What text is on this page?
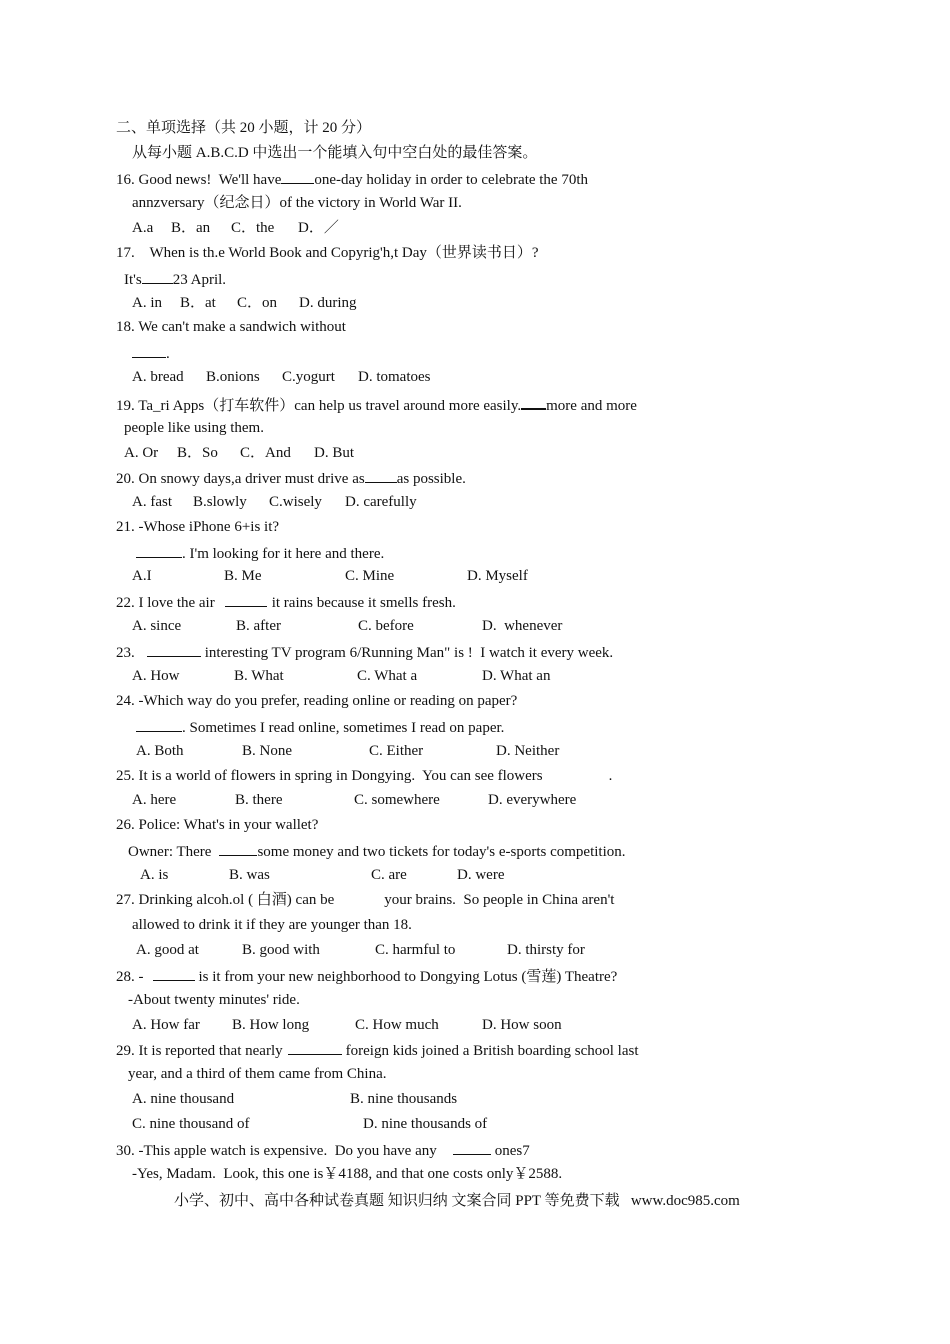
二、单项选择（共 20 小题，计 20 分）
从每小题 A.B.C.D 中选出一个能填入句中空白处的最佳答案。
16. Good news!  We'll have one-day holiday in order to celebrate the 70th
annzversary（纪念日）of the victory in World War II.

A.a

B．an

C．the

D．／

17.    When is th.e World Book and Copyrig'h,t Day（世界读书日）?
It's 23 April.

A. in

B．at

C．on

D. during

18. We can't make a sandwich without
.

A. bread

B.onions

C.yogurt

D. tomatoes

19. Ta_ri Apps（打车软件）can help us travel around more easily. more and more
people like using them.

A. Or

B．So

C．And

D. But

20. On snowy days,a driver must drive as as possible.

A. fast

B.slowly

C.wisely

D. carefully

21. -Whose iPhone 6+is it?
. I'm looking for it here and there.

A.I

	B. Me

	C. Mine

	D. Myself

22. I love the air	it rains because it smells fresh.

A. since

	B. after

	C. before

	D.  whenever

23.	interesting TV program 6/Running Man" is !  I watch it every week.

A. How

	B. What

	C. What a

	D. What an

24. -Which way do you prefer, reading online or reading on paper?
. Sometimes I read online, sometimes I read on paper.

A. Both

	B. None

	C. Either

	D. Neither

25. It is a world of flowers in spring in Dongying.  You can see flowers	.

A. here

	B. there

	C. somewhere

	D. everywhere

26. Police: What's in your wallet?
Owner: There	some money and two tickets for today's e-sports competition.

A. is

	B. was

	C. are

	D. were

27. Drinking alcoh.ol ( 白酒) can be	your brains.  So people in China aren't
allowed to drink it if they are younger than 18.

A. good at

	B. good with

	C. harmful to

	D. thirsty for

28. -	is it from your new neighborhood to Dongying Lotus (雪莲) Theatre?
-About twenty minutes' ride.

A. How far

B. How long

	C. How much

	D. How soon

29. It is reported that nearly	foreign kids joined a British boarding school last
year, and a third of them came from China.

A. nine thousand

	B. nine thousands

C. nine thousand of

	D. nine thousands of

30. -This apple watch is expensive.  Do you have any	ones7
-Yes, Madam.  Look, this one is￥4188, and that one costs only￥2588.
小学、初中、高中各种试卷真题 知识归纳 文案合同 PPT 等免费下载   www.doc985.com
